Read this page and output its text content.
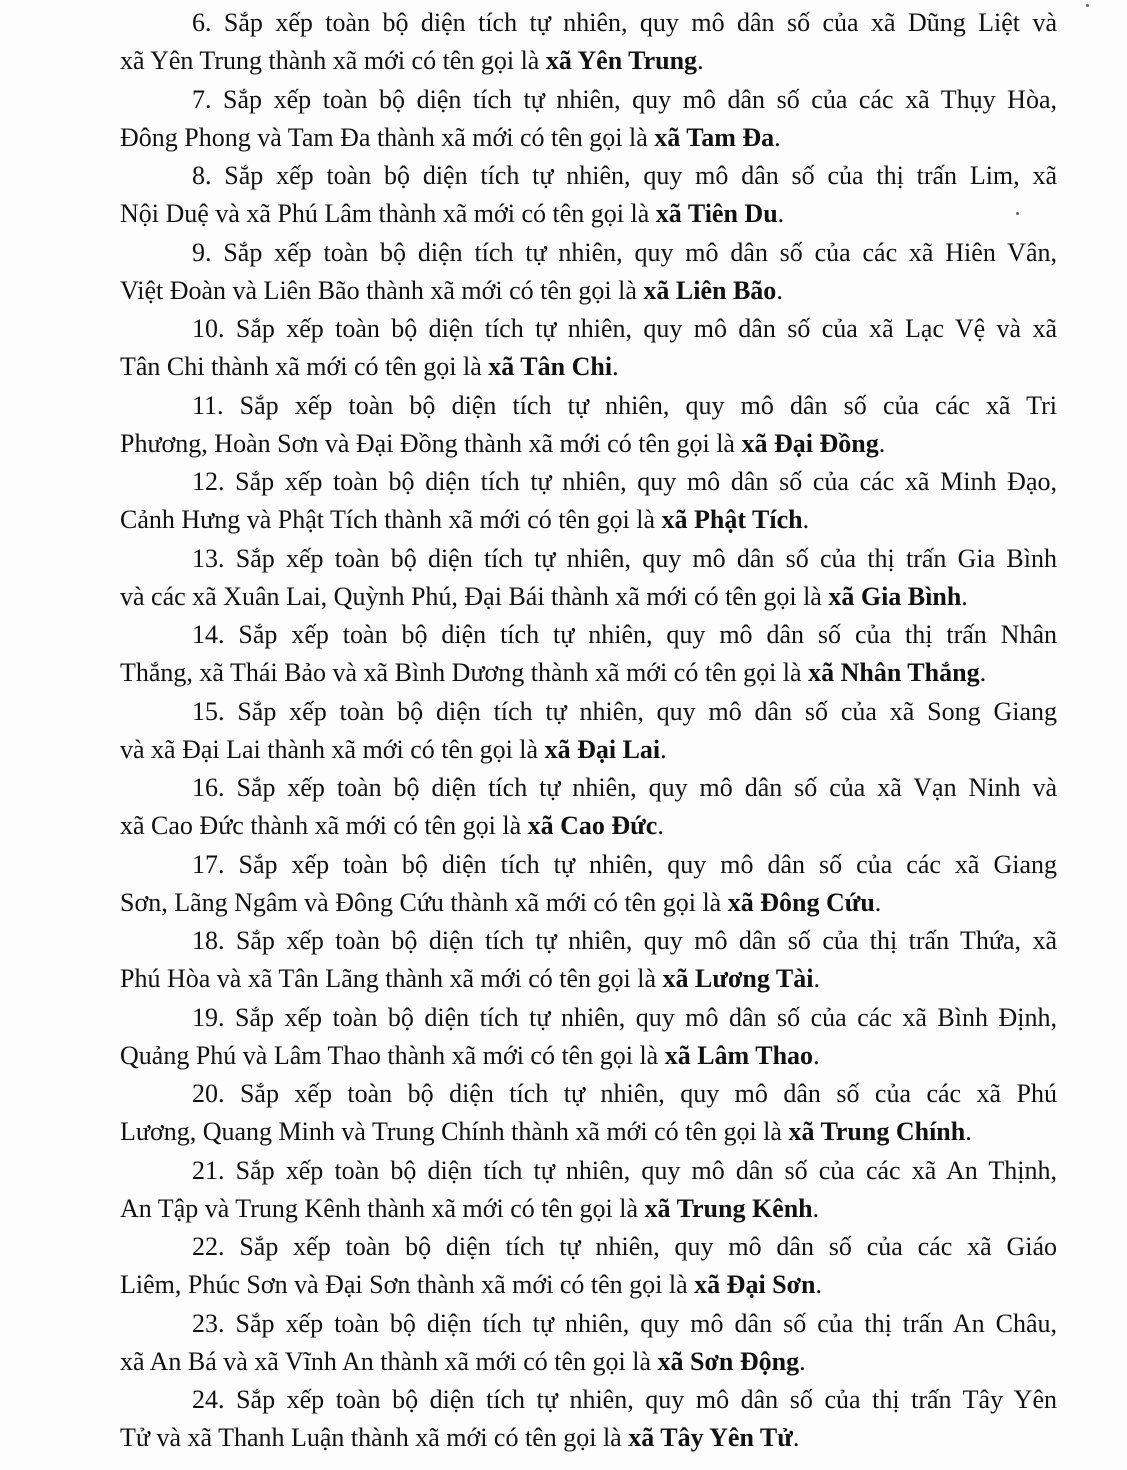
6. Sắp xếp toàn bộ diện tích tự nhiên, quy mô dân số của xã Dũng Liệt và
xã Yên Trung thành xã mới có tên gọi là xã Yên Trung.
7. Sắp xếp toàn bộ diện tích tự nhiên, quy mô dân số của các xã Thụy Hòa,
Đông Phong và Tam Đa thành xã mới có tên gọi là xã Tam Đa.
8. Sắp xếp toàn bộ diện tích tự nhiên, quy mô dân số của thị trấn Lim, xã
Nội Duệ và xã Phú Lâm thành xã mới có tên gọi là xã Tiên Du.
9. Sắp xếp toàn bộ diện tích tự nhiên, quy mô dân số của các xã Hiên Vân,
Việt Đoàn và Liên Bão thành xã mới có tên gọi là xã Liên Bão.
10. Sắp xếp toàn bộ diện tích tự nhiên, quy mô dân số của xã Lạc Vệ và xã
Tân Chi thành xã mới có tên gọi là xã Tân Chi.
11. Sắp xếp toàn bộ diện tích tự nhiên, quy mô dân số của các xã Tri
Phương, Hoàn Sơn và Đại Đồng thành xã mới có tên gọi là xã Đại Đồng.
12. Sắp xếp toàn bộ diện tích tự nhiên, quy mô dân số của các xã Minh Đạo,
Cảnh Hưng và Phật Tích thành xã mới có tên gọi là xã Phật Tích.
13. Sắp xếp toàn bộ diện tích tự nhiên, quy mô dân số của thị trấn Gia Bình
và các xã Xuân Lai, Quỳnh Phú, Đại Bái thành xã mới có tên gọi là xã Gia Bình.
14. Sắp xếp toàn bộ diện tích tự nhiên, quy mô dân số của thị trấn Nhân
Thắng, xã Thái Bảo và xã Bình Dương thành xã mới có tên gọi là xã Nhân Thắng.
15. Sắp xếp toàn bộ diện tích tự nhiên, quy mô dân số của xã Song Giang
và xã Đại Lai thành xã mới có tên gọi là xã Đại Lai.
16. Sắp xếp toàn bộ diện tích tự nhiên, quy mô dân số của xã Vạn Ninh và
xã Cao Đức thành xã mới có tên gọi là xã Cao Đức.
17. Sắp xếp toàn bộ diện tích tự nhiên, quy mô dân số của các xã Giang
Sơn, Lãng Ngâm và Đông Cứu thành xã mới có tên gọi là xã Đông Cứu.
18. Sắp xếp toàn bộ diện tích tự nhiên, quy mô dân số của thị trấn Thứa, xã
Phú Hòa và xã Tân Lãng thành xã mới có tên gọi là xã Lương Tài.
19. Sắp xếp toàn bộ diện tích tự nhiên, quy mô dân số của các xã Bình Định,
Quảng Phú và Lâm Thao thành xã mới có tên gọi là xã Lâm Thao.
20. Sắp xếp toàn bộ diện tích tự nhiên, quy mô dân số của các xã Phú
Lương, Quang Minh và Trung Chính thành xã mới có tên gọi là xã Trung Chính.
21. Sắp xếp toàn bộ diện tích tự nhiên, quy mô dân số của các xã An Thịnh,
An Tập và Trung Kênh thành xã mới có tên gọi là xã Trung Kênh.
22. Sắp xếp toàn bộ diện tích tự nhiên, quy mô dân số của các xã Giáo
Liêm, Phúc Sơn và Đại Sơn thành xã mới có tên gọi là xã Đại Sơn.
23. Sắp xếp toàn bộ diện tích tự nhiên, quy mô dân số của thị trấn An Châu,
xã An Bá và xã Vĩnh An thành xã mới có tên gọi là xã Sơn Động.
24. Sắp xếp toàn bộ diện tích tự nhiên, quy mô dân số của thị trấn Tây Yên
Tử và xã Thanh Luận thành xã mới có tên gọi là xã Tây Yên Tử.
